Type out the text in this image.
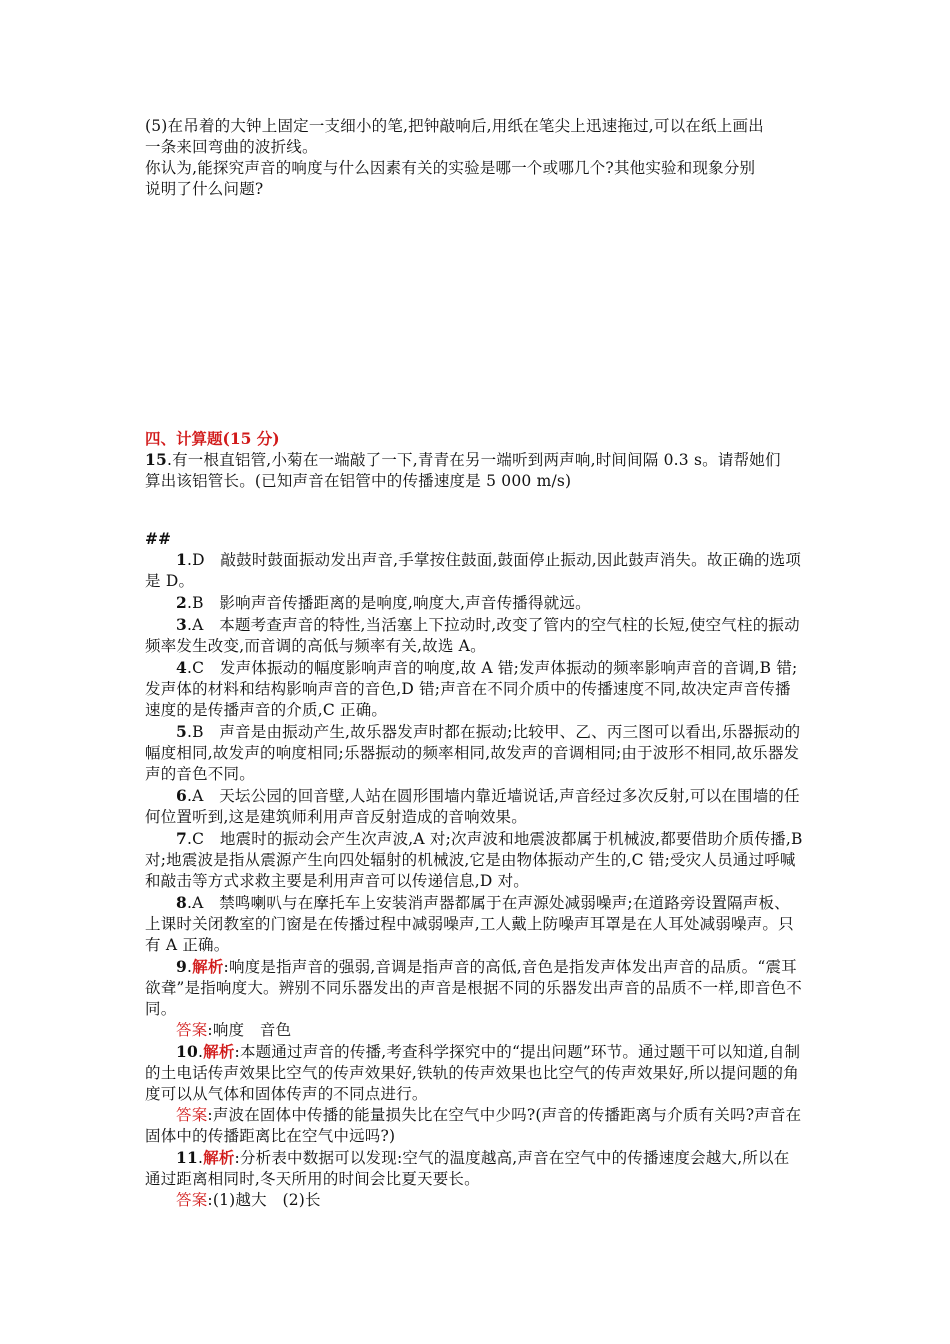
(5)在吊着的大钟上固定一支细小的笔,把钟敲响后,用纸在笔尖上迅速拖过,可以在纸上画出
一条来回弯曲的波折线。
你认为,能探究声音的响度与什么因素有关的实验是哪一个或哪几个?其他实验和现象分别
说明了什么问题?
四、计算题(15 分)
15.有一根直铝管,小菊在一端敲了一下,青青在另一端听到两声响,时间间隔 0.3 s。请帮她们
算出该铝管长。(已知声音在铝管中的传播速度是 5 000 m/s)
##

1.D　敲鼓时鼓面振动发出声音,手掌按住鼓面,鼓面停止振动,因此鼓声消失。故正确的选项是 D。

2.B　影响声音传播距离的是响度,响度大,声音传播得就远。

3.A　本题考查声音的特性,当活塞上下拉动时,改变了管内的空气柱的长短,使空气柱的振动频率发生改变,而音调的高低与频率有关,故选 A。

4.C　发声体振动的幅度影响声音的响度,故 A 错;发声体振动的频率影响声音的音调,B 错;发声体的材料和结构影响声音的音色,D 错;声音在不同介质中的传播速度不同,故决定声音传播速度的是传播声音的介质,C 正确。

5.B　声音是由振动产生,故乐器发声时都在振动;比较甲、乙、丙三图可以看出,乐器振动的幅度相同,故发声的响度相同;乐器振动的频率相同,故发声的音调相同;由于波形不相同,故乐器发声的音色不同。

6.A　天坛公园的回音壁,人站在圆形围墙内靠近墙说话,声音经过多次反射,可以在围墙的任何位置听到,这是建筑师利用声音反射造成的音响效果。

7.C　地震时的振动会产生次声波,A 对;次声波和地震波都属于机械波,都要借助介质传播,B 对;地震波是指从震源产生向四处辐射的机械波,它是由物体振动产生的,C 错;受灾人员通过呼喊和敲击等方式求救主要是利用声音可以传递信息,D 对。

8.A　禁鸣喇叭与在摩托车上安装消声器都属于在声源处减弱噪声;在道路旁设置隔声板、上课时关闭教室的门窗是在传播过程中减弱噪声,工人戴上防噪声耳罩是在人耳处减弱噪声。只有 A 正确。

9.解析:响度是指声音的强弱,音调是指声音的高低,音色是指发声体发出声音的品质。“震耳欲聋”是指响度大。辨别不同乐器发出的声音是根据不同的乐器发出声音的品质不一样,即音色不同。

答案:响度　音色

10.解析:本题通过声音的传播,考查科学探究中的“提出问题”环节。通过题干可以知道,自制的土电话传声效果比空气的传声效果好,铁轨的传声效果也比空气的传声效果好,所以提问题的角度可以从气体和固体传声的不同点进行。

答案:声波在固体中传播的能量损失比在空气中少吗?(声音的传播距离与介质有关吗?声音在固体中的传播距离比在空气中远吗?)

11.解析:分析表中数据可以发现:空气的温度越高,声音在空气中的传播速度会越大,所以在通过距离相同时,冬天所用的时间会比夏天要长。

答案:(1)越大　(2)长
